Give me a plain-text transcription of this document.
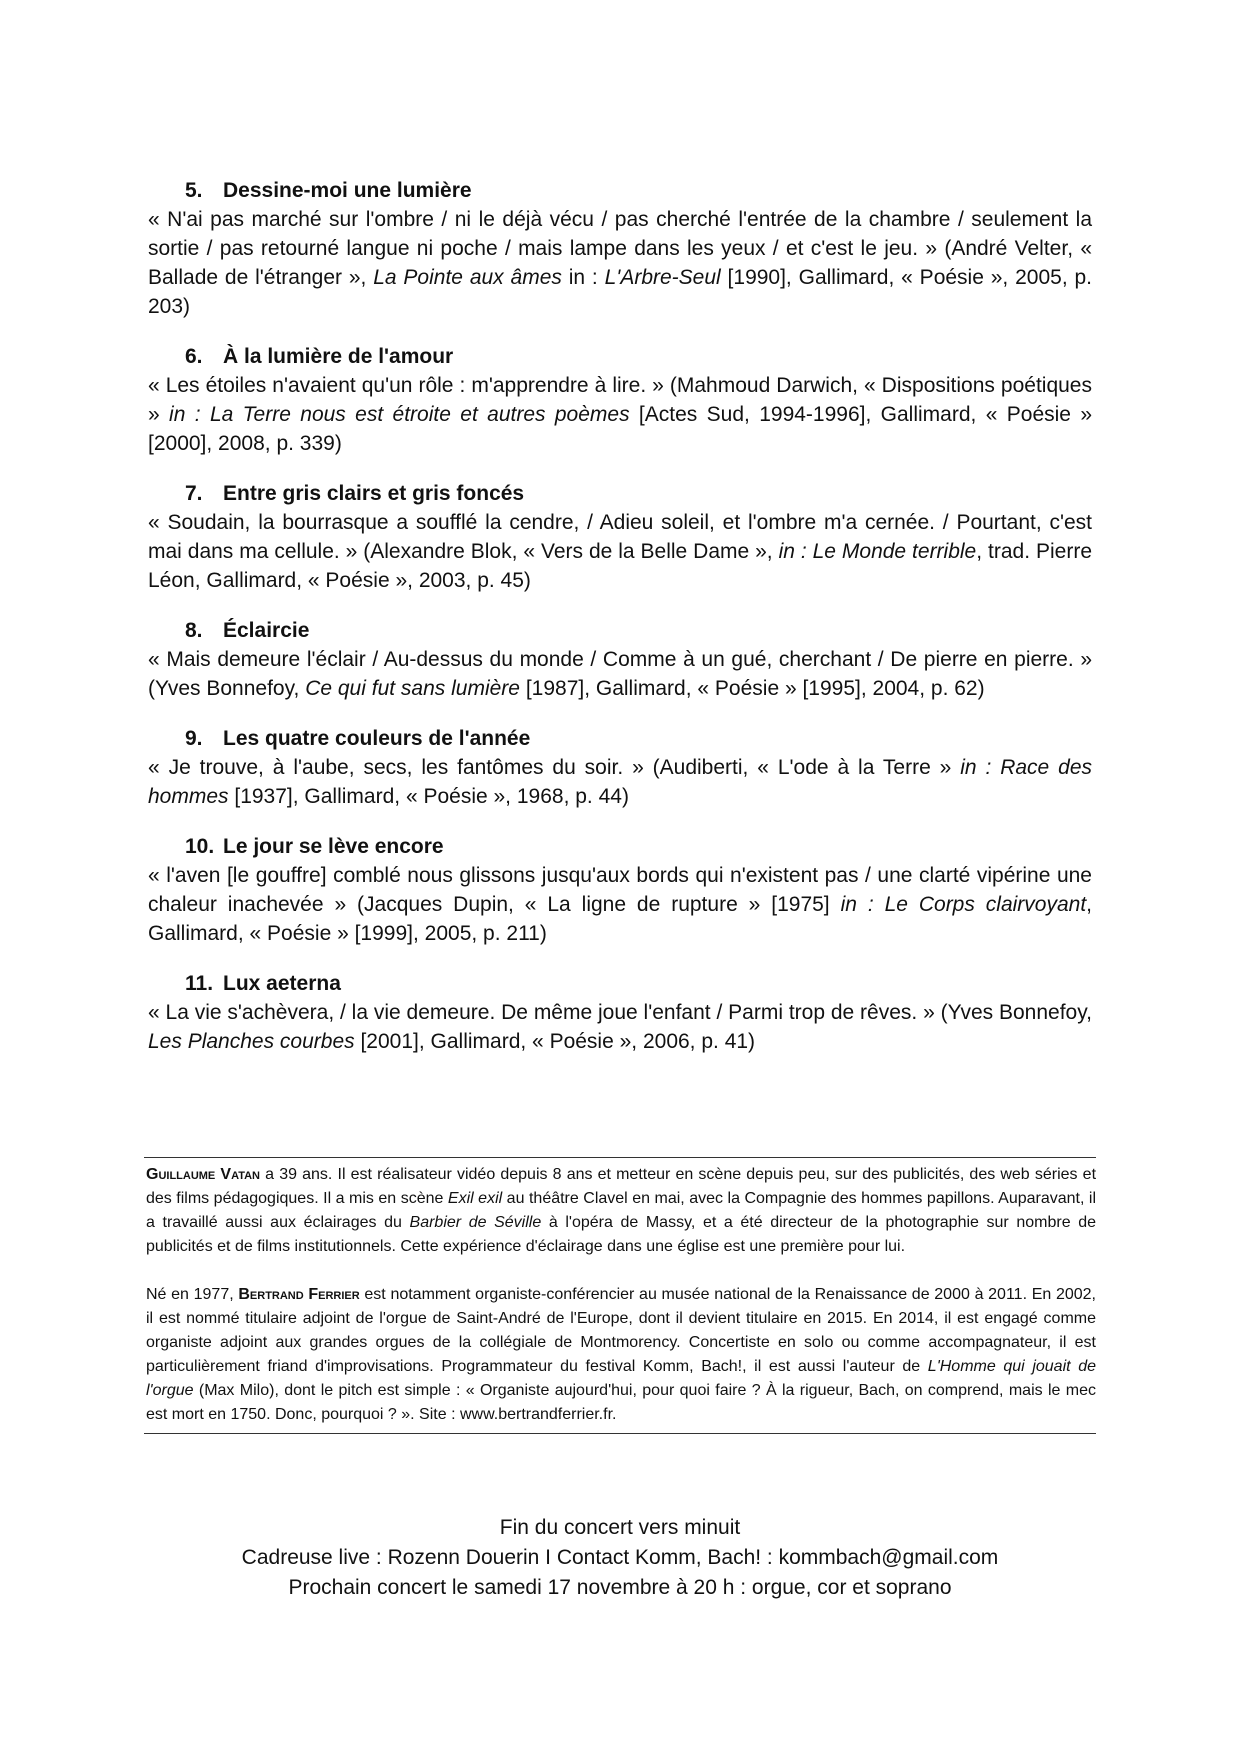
5. Dessine-moi une lumière
« N'ai pas marché sur l'ombre / ni le déjà vécu / pas cherché l'entrée de la chambre / seulement la sortie / pas retourné langue ni poche / mais lampe dans les yeux / et c'est le jeu. » (André Velter, « Ballade de l'étranger », La Pointe aux âmes in : L'Arbre-Seul [1990], Gallimard, « Poésie », 2005, p. 203)
6. À la lumière de l'amour
« Les étoiles n'avaient qu'un rôle : m'apprendre à lire. » (Mahmoud Darwich, « Dispositions poétiques » in : La Terre nous est étroite et autres poèmes [Actes Sud, 1994-1996], Gallimard, « Poésie » [2000], 2008, p. 339)
7. Entre gris clairs et gris foncés
« Soudain, la bourrasque a soufflé la cendre, / Adieu soleil, et l'ombre m'a cernée. / Pourtant, c'est mai dans ma cellule. » (Alexandre Blok, « Vers de la Belle Dame », in : Le Monde terrible, trad. Pierre Léon, Gallimard, « Poésie », 2003, p. 45)
8. Éclaircie
« Mais demeure l'éclair / Au-dessus du monde / Comme à un gué, cherchant / De pierre en pierre. » (Yves Bonnefoy, Ce qui fut sans lumière [1987], Gallimard, « Poésie » [1995], 2004, p. 62)
9. Les quatre couleurs de l'année
« Je trouve, à l'aube, secs, les fantômes du soir. » (Audiberti, « L'ode à la Terre » in : Race des hommes [1937], Gallimard, « Poésie », 1968, p. 44)
10. Le jour se lève encore
« l'aven [le gouffre] comblé nous glissons jusqu'aux bords qui n'existent pas / une clarté vipérine une chaleur inachevée » (Jacques Dupin, « La ligne de rupture » [1975] in : Le Corps clairvoyant, Gallimard, « Poésie » [1999], 2005, p. 211)
11. Lux aeterna
« La vie s'achèvera, / la vie demeure. De même joue l'enfant / Parmi trop de rêves. » (Yves Bonnefoy, Les Planches courbes [2001], Gallimard, « Poésie », 2006, p. 41)

Guillaume Vatan a 39 ans. Il est réalisateur vidéo depuis 8 ans et metteur en scène depuis peu, sur des publicités, des web séries et des films pédagogiques. Il a mis en scène Exil exil au théâtre Clavel en mai, avec la Compagnie des hommes papillons. Auparavant, il a travaillé aussi aux éclairages du Barbier de Séville à l'opéra de Massy, et a été directeur de la photographie sur nombre de publicités et de films institutionnels. Cette expérience d'éclairage dans une église est une première pour lui.

Né en 1977, Bertrand Ferrier est notamment organiste-conférencier au musée national de la Renaissance de 2000 à 2011. En 2002, il est nommé titulaire adjoint de l'orgue de Saint-André de l'Europe, dont il devient titulaire en 2015. En 2014, il est engagé comme organiste adjoint aux grandes orgues de la collégiale de Montmorency. Concertiste en solo ou comme accompagnateur, il est particulièrement friand d'improvisations. Programmateur du festival Komm, Bach!, il est aussi l'auteur de L'Homme qui jouait de l'orgue (Max Milo), dont le pitch est simple : « Organiste aujourd'hui, pour quoi faire ? À la rigueur, Bach, on comprend, mais le mec est mort en 1750. Donc, pourquoi ? ». Site : www.bertrandferrier.fr.

Fin du concert vers minuit
Cadreuse live : Rozenn Douerin I Contact Komm, Bach! : kommbach@gmail.com
Prochain concert le samedi 17 novembre à 20 h : orgue, cor et soprano
